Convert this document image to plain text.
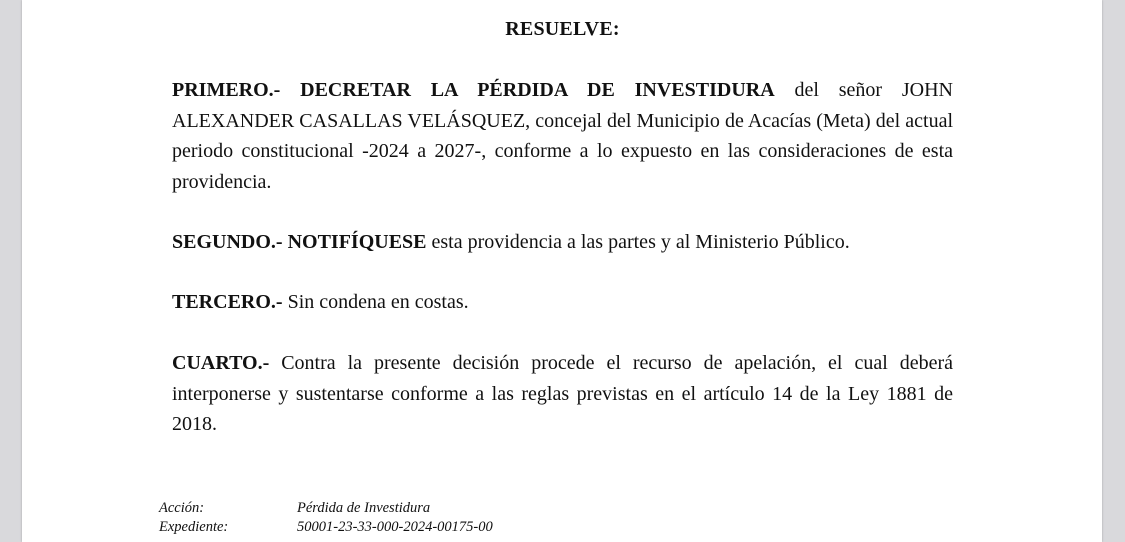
RESUELVE:
PRIMERO.- DECRETAR LA PÉRDIDA DE INVESTIDURA del señor JOHN ALEXANDER CASALLAS VELÁSQUEZ, concejal del Municipio de Acacías (Meta) del actual periodo constitucional -2024 a 2027-, conforme a lo expuesto en las consideraciones de esta providencia.
SEGUNDO.- NOTIFÍQUESE esta providencia a las partes y al Ministerio Público.
TERCERO.- Sin condena en costas.
CUARTO.- Contra la presente decisión procede el recurso de apelación, el cual deberá interponerse y sustentarse conforme a las reglas previstas en el artículo 14 de la Ley 1881 de 2018.
Acción:	Pérdida de Investidura
Expediente:	50001-23-33-000-2024-00175-00
